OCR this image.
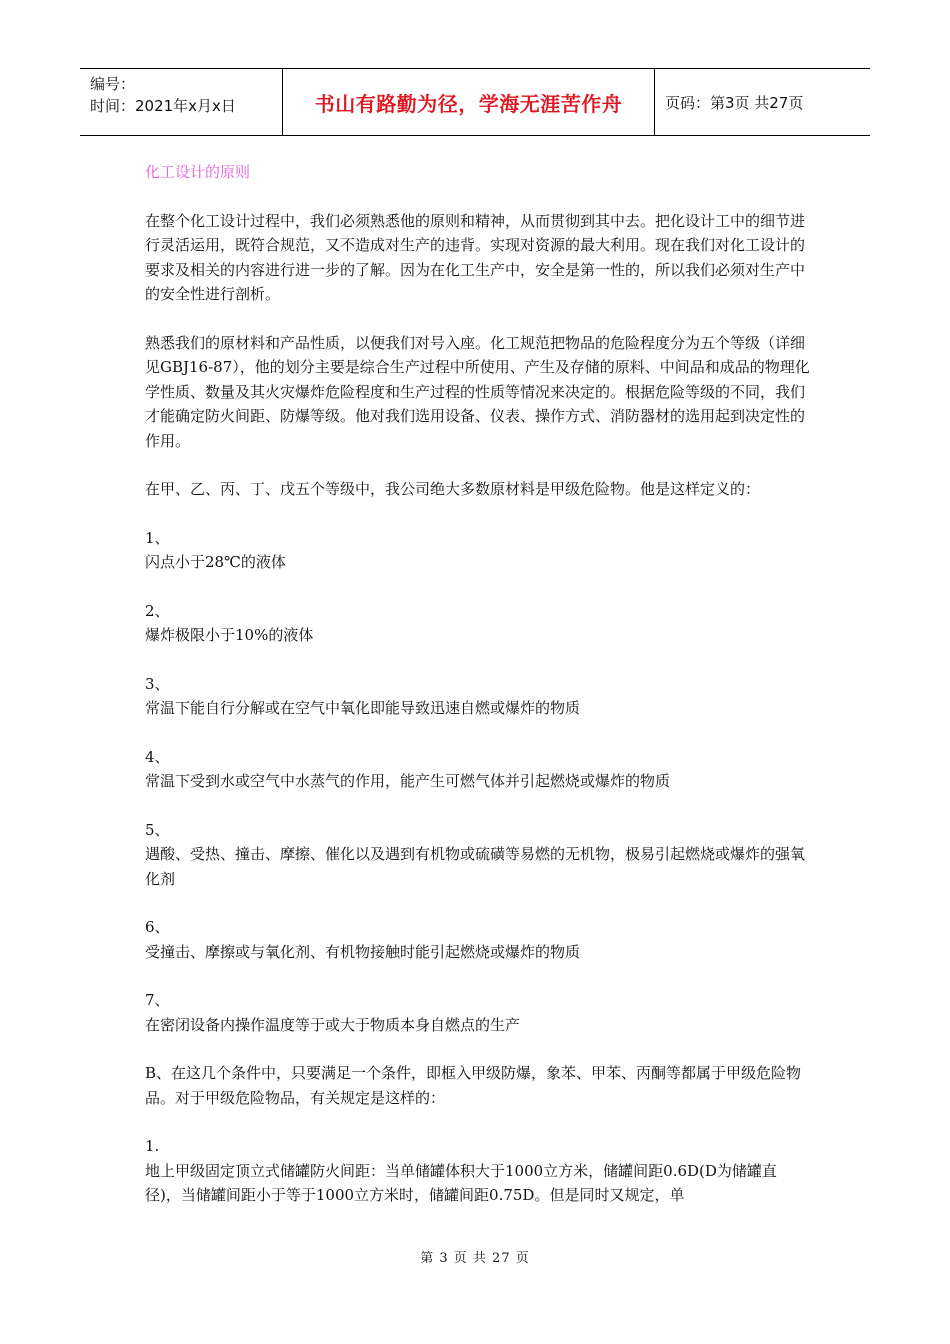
编号：
时间：2021年x月x日	书山有路勤为径，学海无涯苦作舟	页码：第3页 共27页

化工设计的原则

在整个化工设计过程中，我们必须熟悉他的原则和精神，从而贯彻到其中去。把化设计工中的细节进行灵活运用，既符合规范，又不造成对生产的违背。实现对资源的最大利用。现在我们对化工设计的要求及相关的内容进行进一步的了解。因为在化工生产中，安全是第一性的，所以我们必须对生产中的安全性进行剖析。

熟悉我们的原材料和产品性质，以便我们对号入座。化工规范把物品的危险程度分为五个等级（详细见GBJ16-87），他的划分主要是综合生产过程中所使用、产生及存储的原料、中间品和成品的物理化学性质、数量及其火灾爆炸危险程度和生产过程的性质等情况来决定的。根据危险等级的不同，我们才能确定防火间距、防爆等级。他对我们选用设备、仪表、操作方式、消防器材的选用起到决定性的作用。

在甲、乙、丙、丁、戊五个等级中，我公司绝大多数原材料是甲级危险物。他是这样定义的：

1、
闪点小于28℃的液体

2、
爆炸极限小于10%的液体

3、
常温下能自行分解或在空气中氧化即能导致迅速自燃或爆炸的物质

4、
常温下受到水或空气中水蒸气的作用，能产生可燃气体并引起燃烧或爆炸的物质

5、
遇酸、受热、撞击、摩擦、催化以及遇到有机物或硫磺等易燃的无机物，极易引起燃烧或爆炸的强氧化剂

6、
受撞击、摩擦或与氧化剂、有机物接触时能引起燃烧或爆炸的物质

7、
在密闭设备内操作温度等于或大于物质本身自燃点的生产

B、在这几个条件中，只要满足一个条件，即框入甲级防爆，象苯、甲苯、丙酮等都属于甲级危险物品。对于甲级危险物品，有关规定是这样的：

1.
地上甲级固定顶立式储罐防火间距：当单储罐体积大于1000立方米，储罐间距0.6D(D为储罐直径)，当储罐间距小于等于1000立方米时，储罐间距0.75D。但是同时又规定，单

第 3 页 共 27 页
